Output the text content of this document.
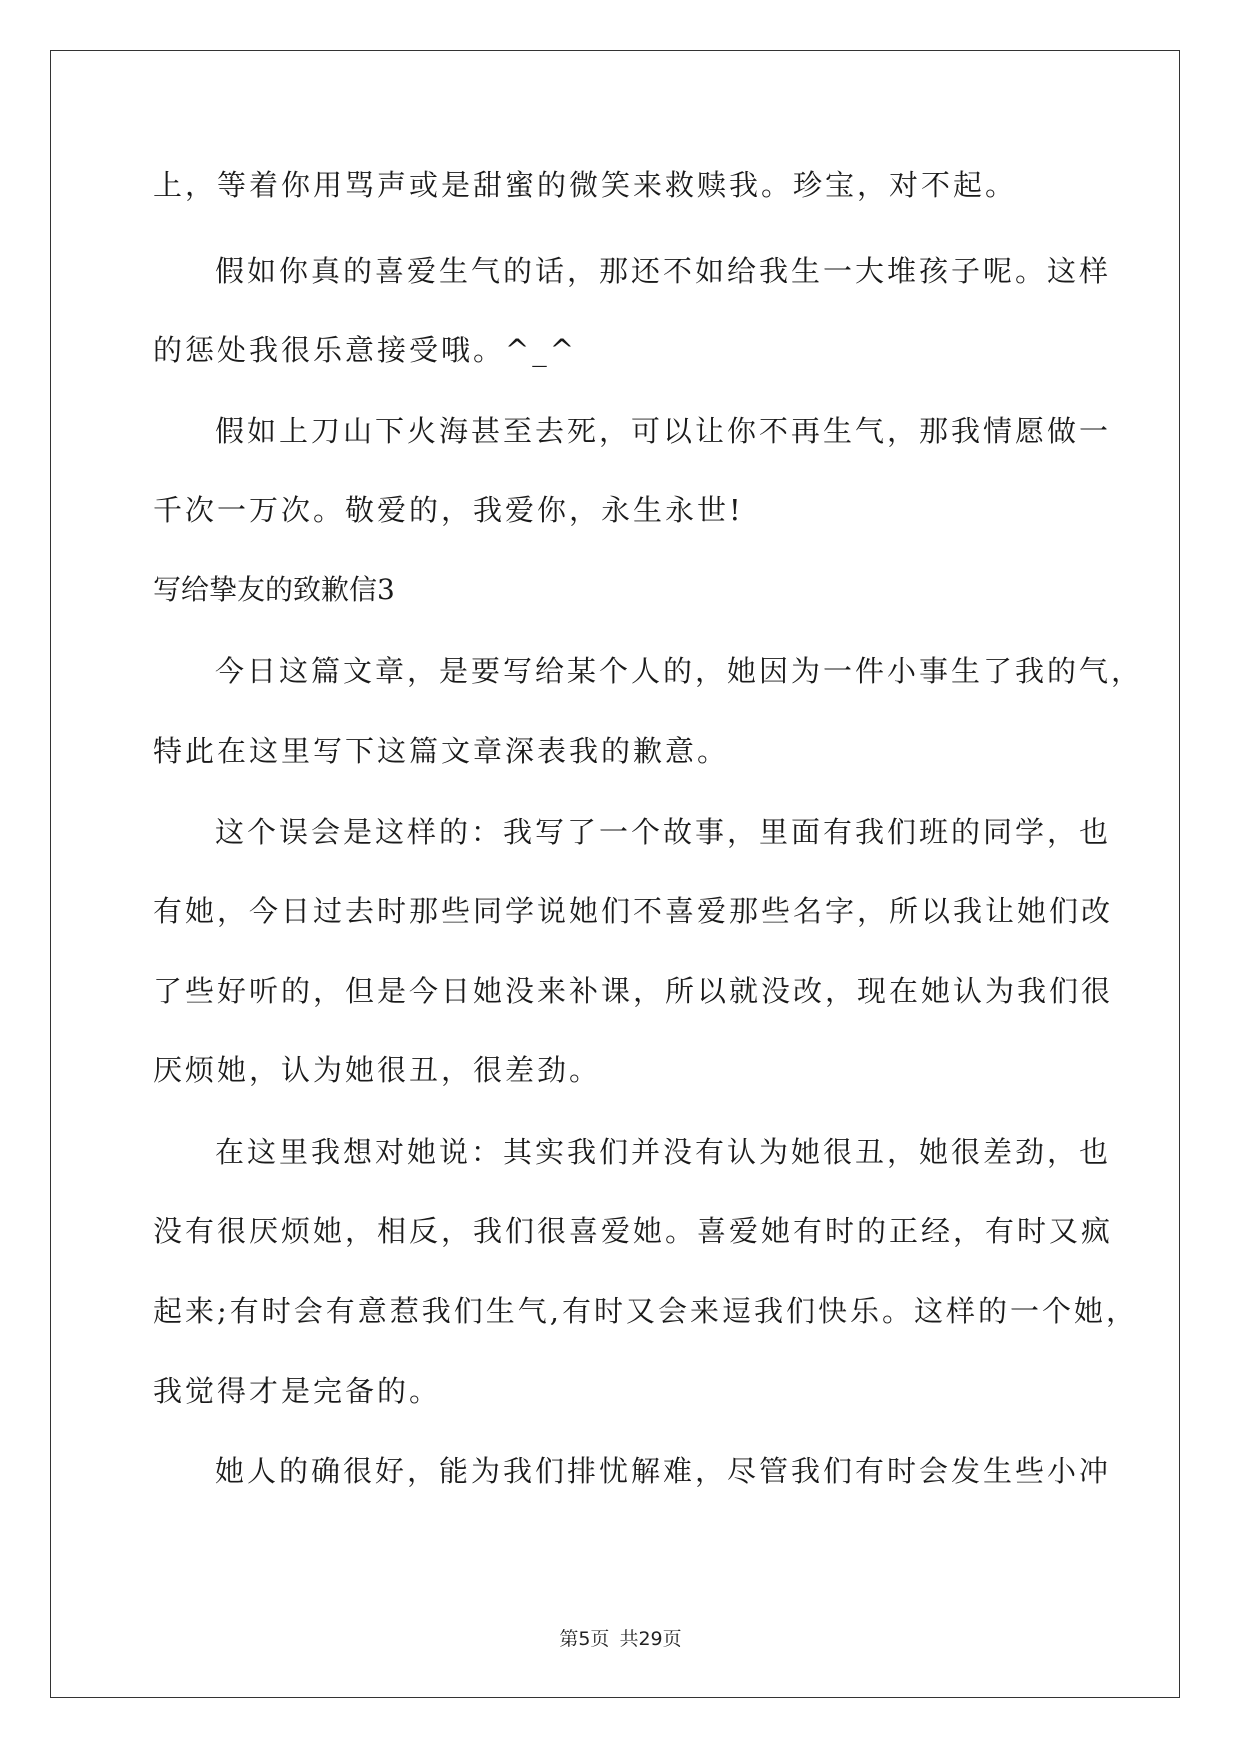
上，等着你用骂声或是甜蜜的微笑来救赎我。珍宝，对不起。
假如你真的喜爱生气的话，那还不如给我生一大堆孩子呢。这样
的惩处我很乐意接受哦。^_^
假如上刀山下火海甚至去死，可以让你不再生气，那我情愿做一
千次一万次。敬爱的，我爱你，永生永世!
写给挚友的致歉信3
今日这篇文章，是要写给某个人的，她因为一件小事生了我的气，
特此在这里写下这篇文章深表我的歉意。
这个误会是这样的：我写了一个故事，里面有我们班的同学，也
有她，今日过去时那些同学说她们不喜爱那些名字，所以我让她们改
了些好听的，但是今日她没来补课，所以就没改，现在她认为我们很
厌烦她，认为她很丑，很差劲。
在这里我想对她说：其实我们并没有认为她很丑，她很差劲，也
没有很厌烦她，相反，我们很喜爱她。喜爱她有时的正经，有时又疯
起来;有时会有意惹我们生气,有时又会来逗我们快乐。这样的一个她，
我觉得才是完备的。
她人的确很好，能为我们排忧解难，尽管我们有时会发生些小冲
第5页 共29页
